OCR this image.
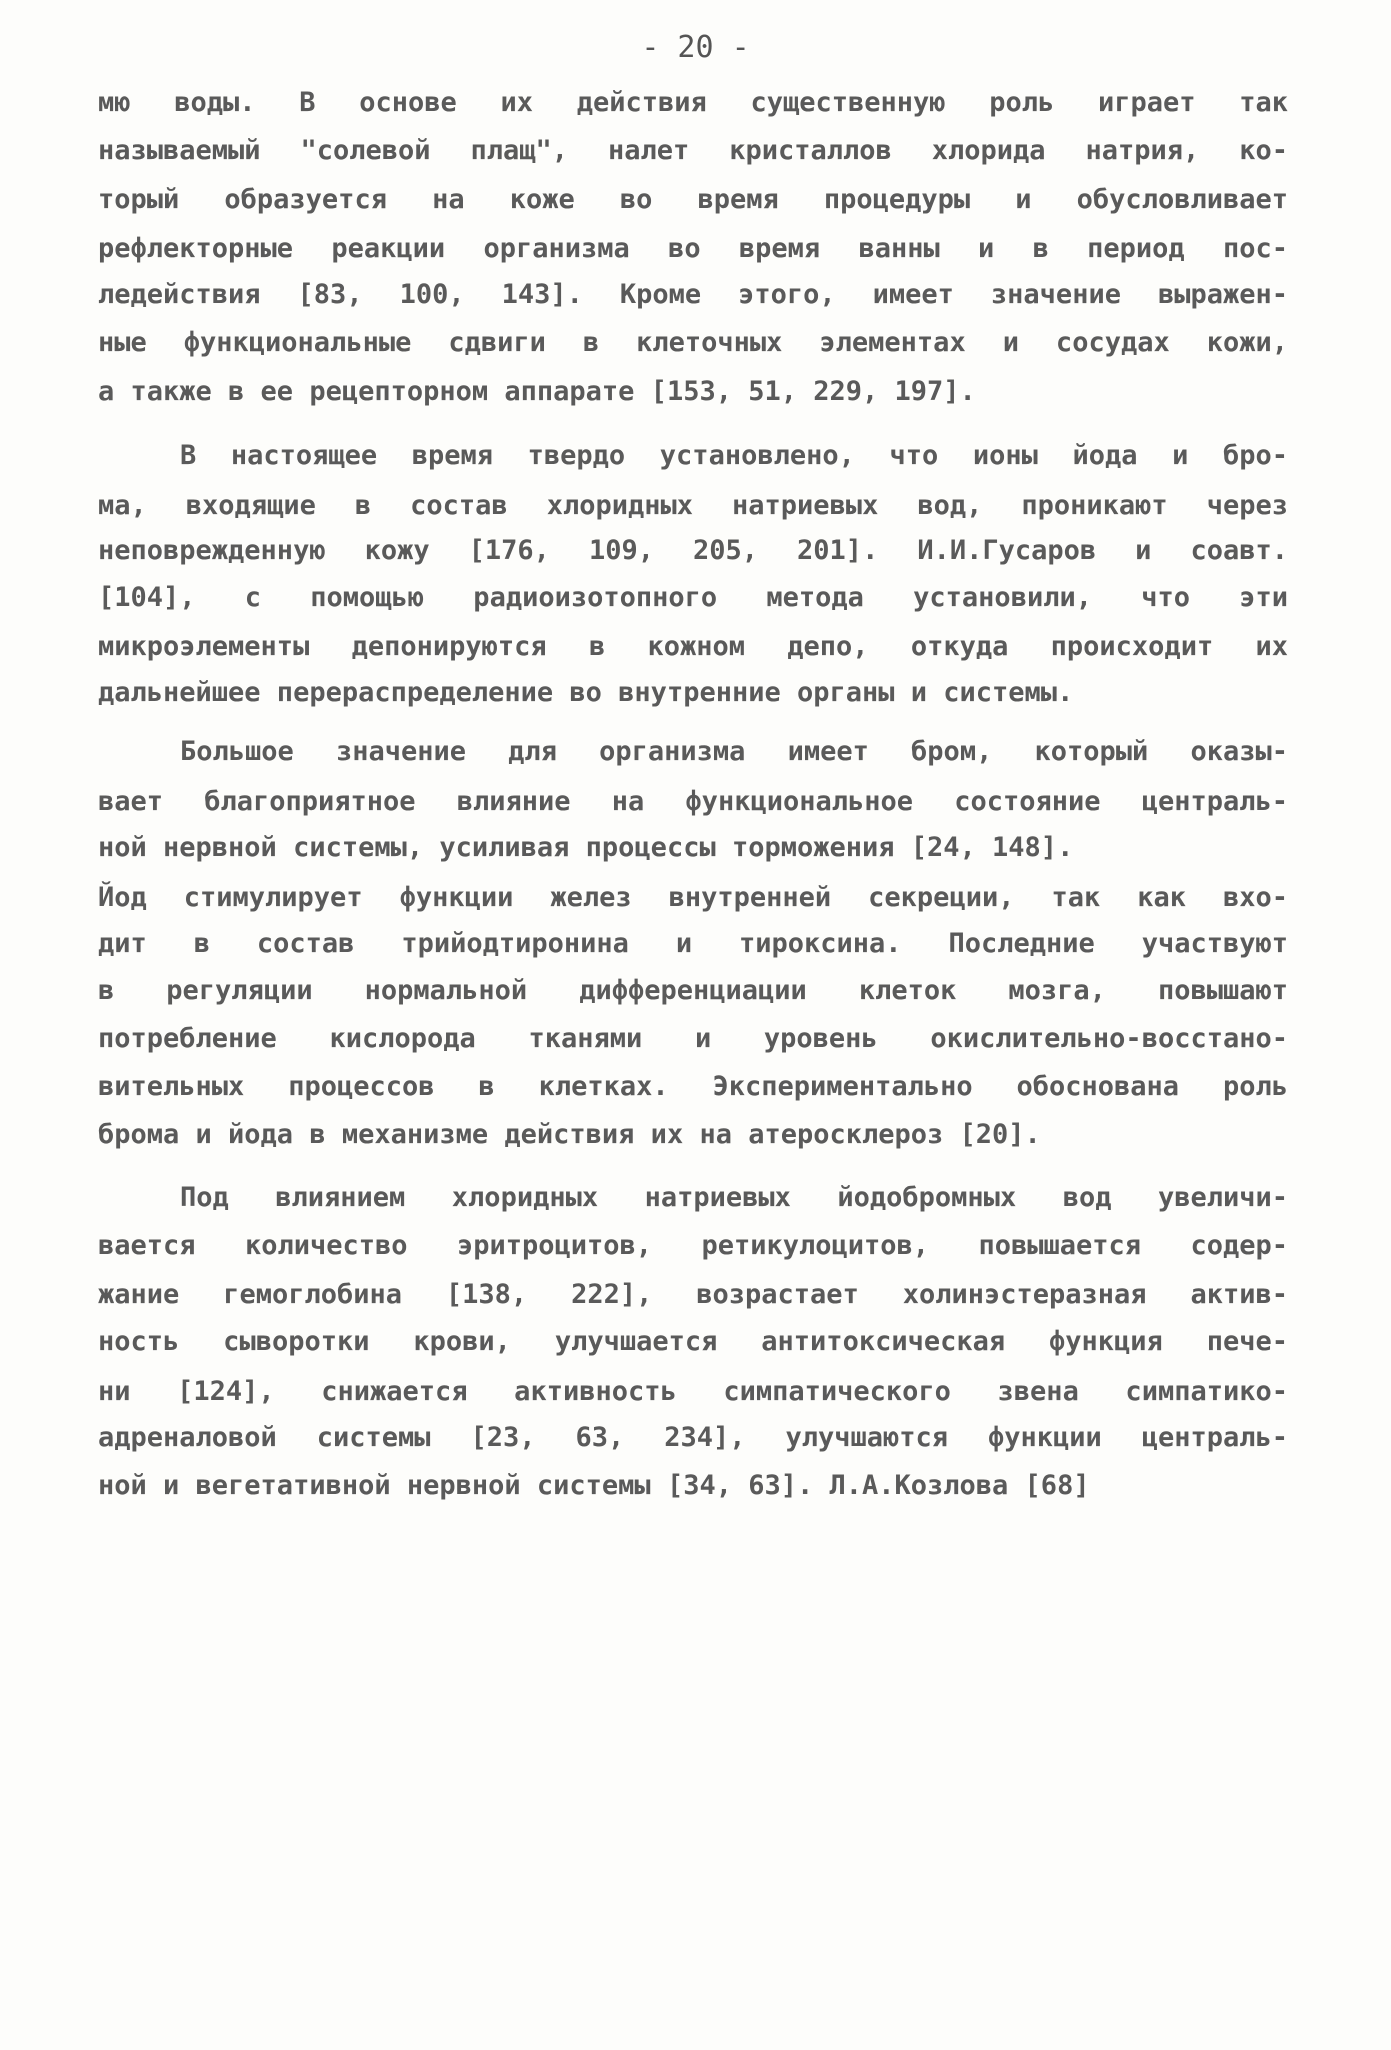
- 20 -
мю воды. В основе их действия существенную роль играет так
называемый "солевой плащ", налет кристаллов хлорида натрия, ко-
торый образуется на коже во время процедуры и обусловливает
рефлекторные реакции организма во время ванны и в период пос-
ледействия [83, 100, 143]. Кроме этого, имеет значение выражен-
ные функциональные сдвиги в клеточных элементах и сосудах кожи,
а также в ее рецепторном аппарате [153, 51, 229, 197].
В настоящее время твердо установлено, что ионы йода и бро-
ма, входящие в состав хлоридных натриевых вод, проникают через
неповрежденную кожу [176, 109, 205, 201]. И.И.Гусаров и соавт.
[104], с помощью радиоизотопного метода установили, что эти
микроэлементы депонируются в кожном депо, откуда происходит их
дальнейшее перераспределение во внутренние органы и системы.
Большое значение для организма имеет бром, который оказы-
вает благоприятное влияние на функциональное состояние централь-
ной нервной системы, усиливая процессы торможения [24, 148].
Йод стимулирует функции желез внутренней секреции, так как вхо-
дит в состав трийодтиронина и тироксина. Последние участвуют
в регуляции нормальной дифференциации клеток мозга, повышают
потребление кислорода тканями и уровень окислительно-восстано-
вительных процессов в клетках. Экспериментально обоснована роль
брома и йода в механизме действия их на атеросклероз [20].
Под влиянием хлоридных натриевых йодобромных вод увеличи-
вается количество эритроцитов, ретикулоцитов, повышается содер-
жание гемоглобина [138, 222], возрастает холинэстеразная актив-
ность сыворотки крови, улучшается антитоксическая функция пече-
ни [124], снижается активность симпатического звена симпатико-
адреналовой системы [23, 63, 234], улучшаются функции централь-
ной и вегетативной нервной системы [34, 63]. Л.А.Козлова [68]
